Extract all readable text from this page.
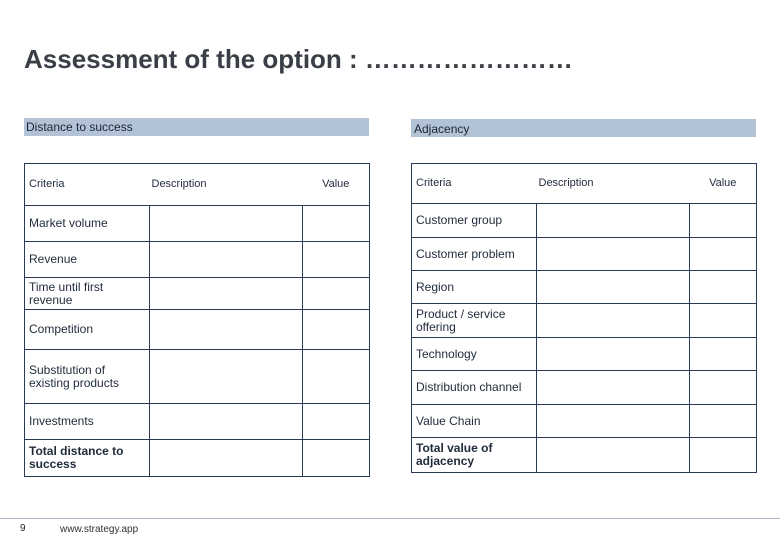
Assessment of the option : ……………………
Distance to success	Adjacency
Criteria	Description	Value
Market volume		
Revenue		
Time until first revenue		
Competition		
Substitution of existing products		
Investments		
Total distance to success		
Criteria	Description	Value
Customer group		
Customer problem		
Region		
Product / service offering		
Technology		
Distribution channel		
Value Chain		
Total value of adjacency		
9	www.strategy.app
